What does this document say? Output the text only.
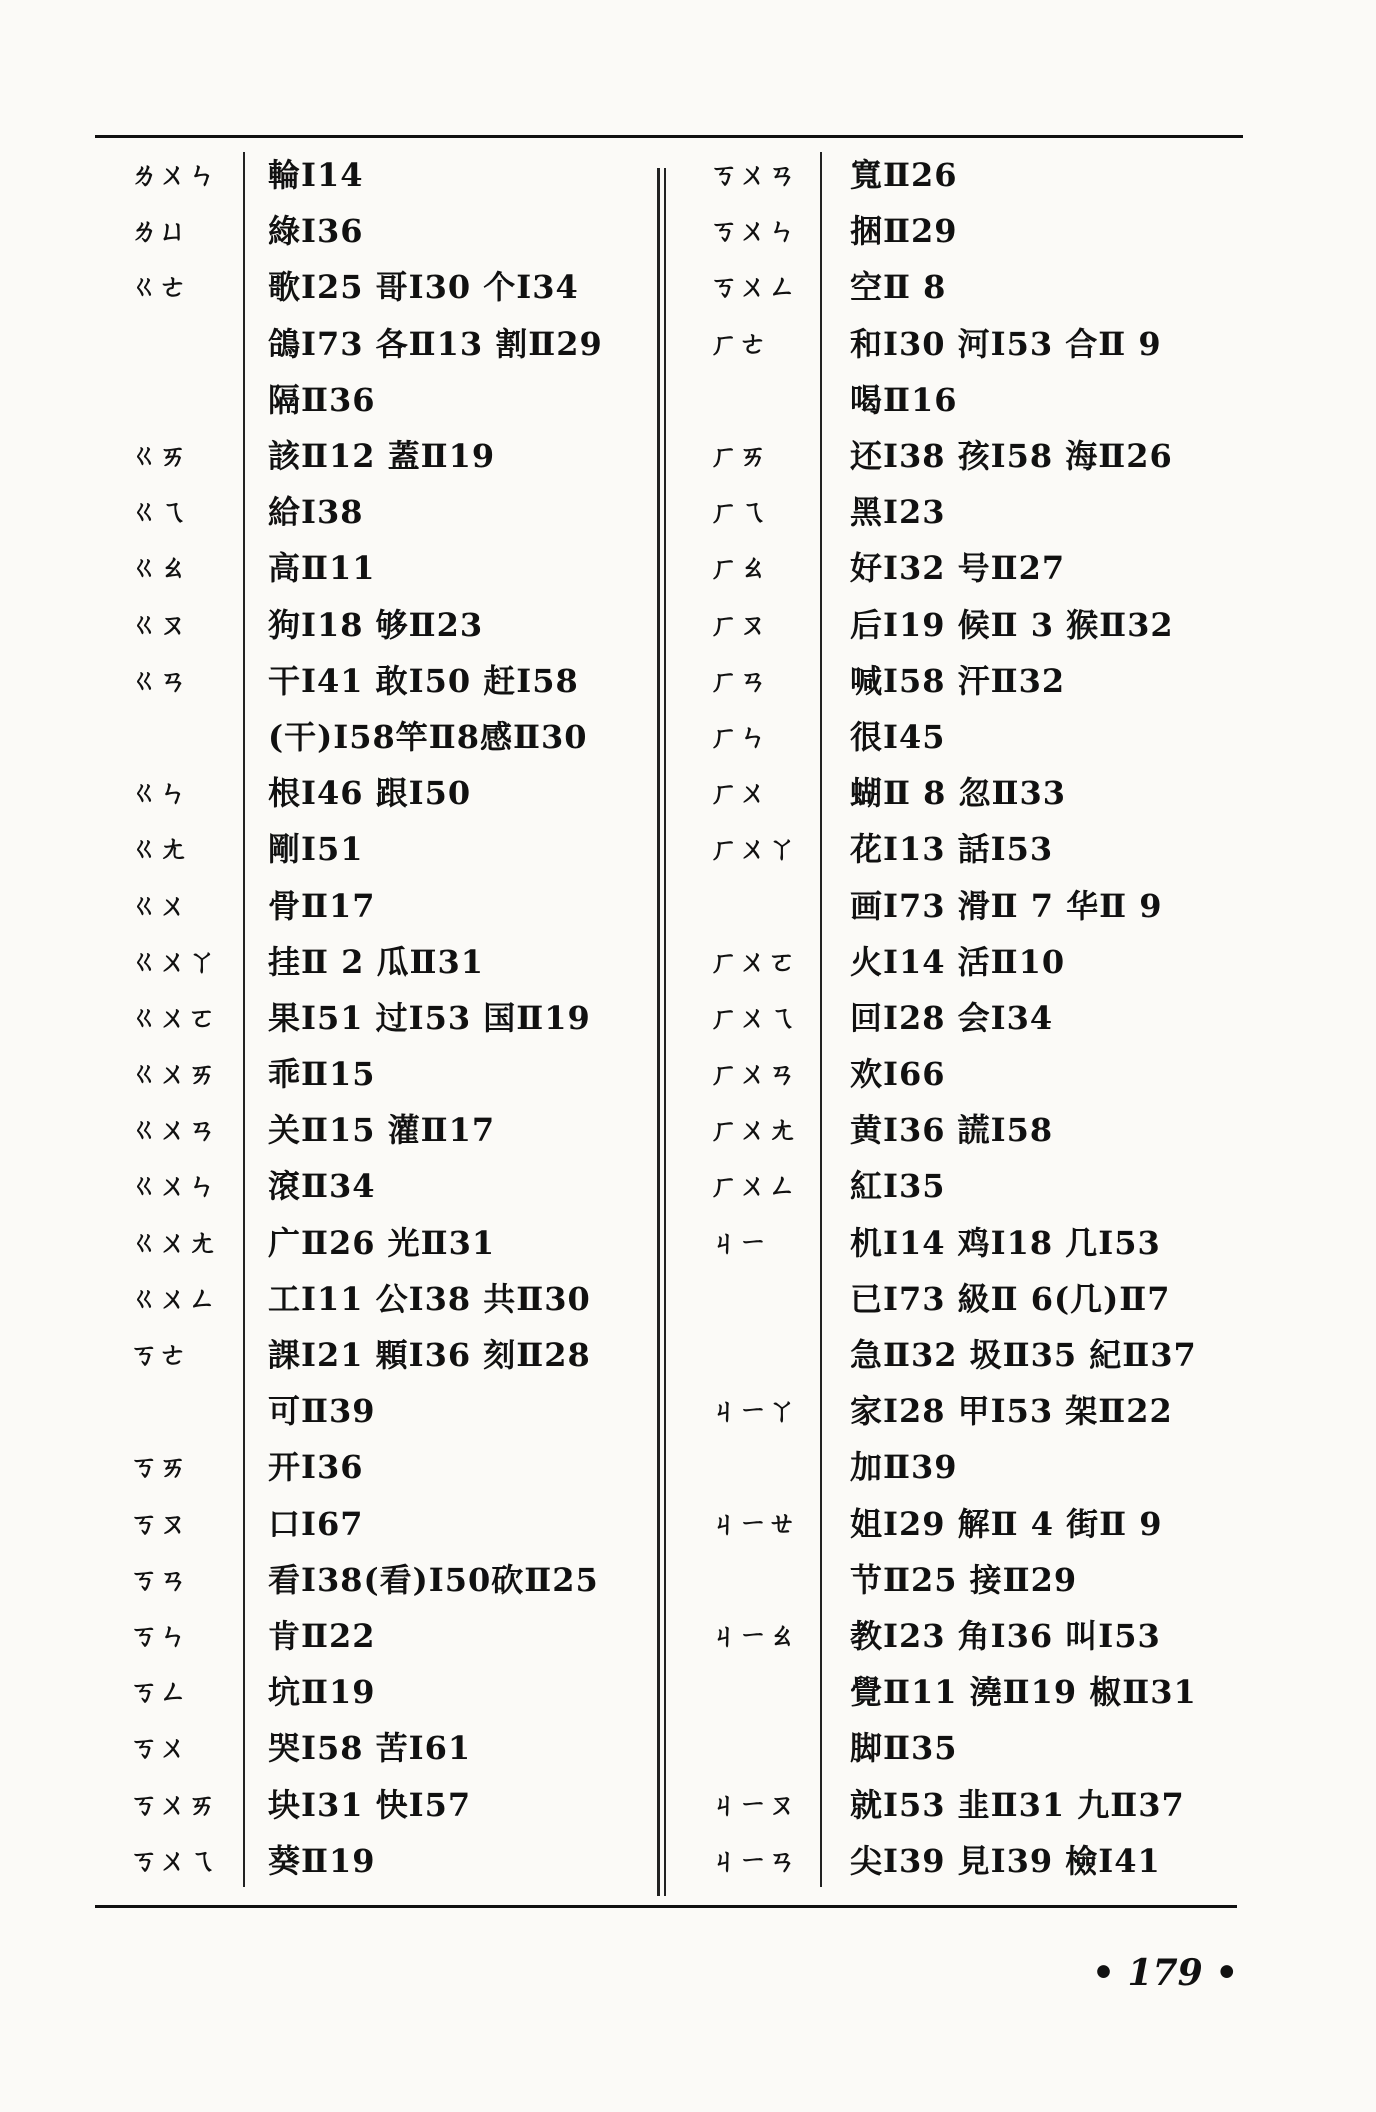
ㄌㄨㄣ
ㄌㄩ
ㄍㄜ
ㄍㄞ
ㄍㄟ
ㄍㄠ
ㄍㄡ
ㄍㄢ
ㄍㄣ
ㄍㄤ
ㄍㄨ
ㄍㄨㄚ
ㄍㄨㄛ
ㄍㄨㄞ
ㄍㄨㄢ
ㄍㄨㄣ
ㄍㄨㄤ
ㄍㄨㄥ
ㄎㄜ
ㄎㄞ
ㄎㄡ
ㄎㄢ
ㄎㄣ
ㄎㄥ
ㄎㄨ
ㄎㄨㄞ
ㄎㄨㄟ
輪Ⅰ14
綠Ⅰ36
歌Ⅰ25 哥Ⅰ30 个Ⅰ34
鴿Ⅰ73 各Ⅱ13 割Ⅱ29
隔Ⅱ36
該Ⅱ12 蓋Ⅱ19
給Ⅰ38
高Ⅱ11
狗Ⅰ18 够Ⅱ23
干Ⅰ41 敢Ⅰ50 赶Ⅰ58
(干)Ⅰ58竿Ⅱ8感Ⅱ30
根Ⅰ46 跟Ⅰ50
剛Ⅰ51
骨Ⅱ17
挂Ⅱ 2 瓜Ⅱ31
果Ⅰ51 过Ⅰ53 国Ⅱ19
乖Ⅱ15
关Ⅱ15 灌Ⅱ17
滾Ⅱ34
广Ⅱ26 光Ⅱ31
工Ⅰ11 公Ⅰ38 共Ⅱ30
課Ⅰ21 顆Ⅰ36 刻Ⅱ28
可Ⅱ39
开Ⅰ36
口Ⅰ67
看Ⅰ38(看)Ⅰ50砍Ⅱ25
肯Ⅱ22
坑Ⅱ19
哭Ⅰ58 苦Ⅰ61
块Ⅰ31 快Ⅰ57
葵Ⅱ19
ㄎㄨㄢ
ㄎㄨㄣ
ㄎㄨㄥ
ㄏㄜ
ㄏㄞ
ㄏㄟ
ㄏㄠ
ㄏㄡ
ㄏㄢ
ㄏㄣ
ㄏㄨ
ㄏㄨㄚ
ㄏㄨㄛ
ㄏㄨㄟ
ㄏㄨㄢ
ㄏㄨㄤ
ㄏㄨㄥ
ㄐㄧ
ㄐㄧㄚ
ㄐㄧㄝ
ㄐㄧㄠ
ㄐㄧㄡ
ㄐㄧㄢ
寬Ⅱ26
捆Ⅱ29
空Ⅱ 8
和Ⅰ30 河Ⅰ53 合Ⅱ 9
喝Ⅱ16
还Ⅰ38 孩Ⅰ58 海Ⅱ26
黑Ⅰ23
好Ⅰ32 号Ⅱ27
后Ⅰ19 候Ⅱ 3 猴Ⅱ32
喊Ⅰ58 汗Ⅱ32
很Ⅰ45
蝴Ⅱ 8 忽Ⅱ33
花Ⅰ13 話Ⅰ53
画Ⅰ73 滑Ⅱ 7 华Ⅱ 9
火Ⅰ14 活Ⅱ10
回Ⅰ28 会Ⅰ34
欢Ⅰ66
黄Ⅰ36 謊Ⅰ58
紅Ⅰ35
机Ⅰ14 鸡Ⅰ18 几Ⅰ53
已Ⅰ73 級Ⅱ 6(几)Ⅱ7
急Ⅱ32 圾Ⅱ35 紀Ⅱ37
家Ⅰ28 甲Ⅰ53 架Ⅱ22
加Ⅱ39
姐Ⅰ29 解Ⅱ 4 街Ⅱ 9
节Ⅱ25 接Ⅱ29
教Ⅰ23 角Ⅰ36 叫Ⅰ53
覺Ⅱ11 澆Ⅱ19 椒Ⅱ31
脚Ⅱ35
就Ⅰ53 韭Ⅱ31 九Ⅱ37
尖Ⅰ39 見Ⅰ39 檢Ⅰ41
• 179 •
